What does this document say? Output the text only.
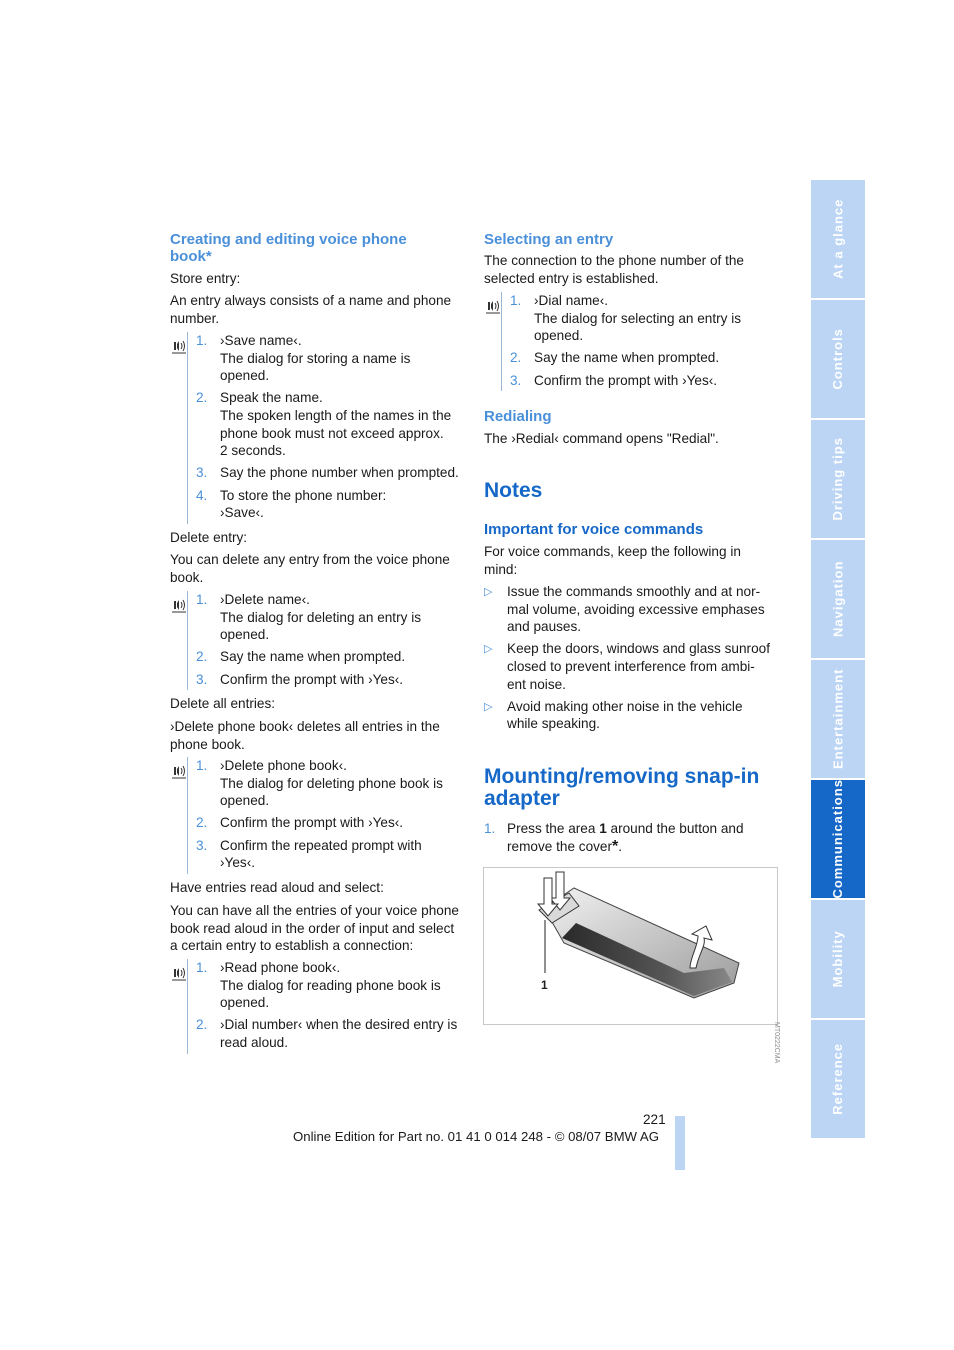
Creating and editing voice phone book*

Store entry:

An entry always consists of a name and phone number.

1. ›Save name‹.
The dialog for storing a name is
opened.
2. Speak the name.
The spoken length of the names in the
phone book must not exceed approx.
2 seconds.
3. Say the phone number when prompted.
4. To store the phone number:
›Save‹.

Delete entry:

You can delete any entry from the voice phone book.

1. ›Delete name‹.
The dialog for deleting an entry is
opened.
2. Say the name when prompted.
3. Confirm the prompt with ›Yes‹.

Delete all entries:

›Delete phone book‹ deletes all entries in the phone book.

1. ›Delete phone book‹.
The dialog for deleting phone book is
opened.
2. Confirm the prompt with ›Yes‹.
3. Confirm the repeated prompt with
›Yes‹.

Have entries read aloud and select:

You can have all the entries of your voice phone book read aloud in the order of input and select a certain entry to establish a connection:

1. ›Read phone book‹.
The dialog for reading phone book is
opened.
2. ›Dial number‹ when the desired entry is
read aloud.
Selecting an entry

The connection to the phone number of the selected entry is established.

1. ›Dial name‹.
The dialog for selecting an entry is
opened.
2. Say the name when prompted.
3. Confirm the prompt with ›Yes‹.
Redialing

The ›Redial‹ command opens "Redial".

Notes
Important for voice commands

For voice commands, keep the following in mind:

▷ Issue the commands smoothly and at nor-
mal volume, avoiding excessive emphases
and pauses.
▷ Keep the doors, windows and glass sunroof
closed to prevent interference from ambi-
ent noise.
▷ Avoid making other noise in the vehicle
while speaking.
Mounting/removing snap-in adapter
1. Press the area 1 around the button and
remove the cover*.
1
MT0222CMA
At a glance
Controls
Driving tips
Navigation
Entertainment
Communications
Mobility
Reference
221
Online Edition for Part no. 01 41 0 014 248 - © 08/07 BMW AG
